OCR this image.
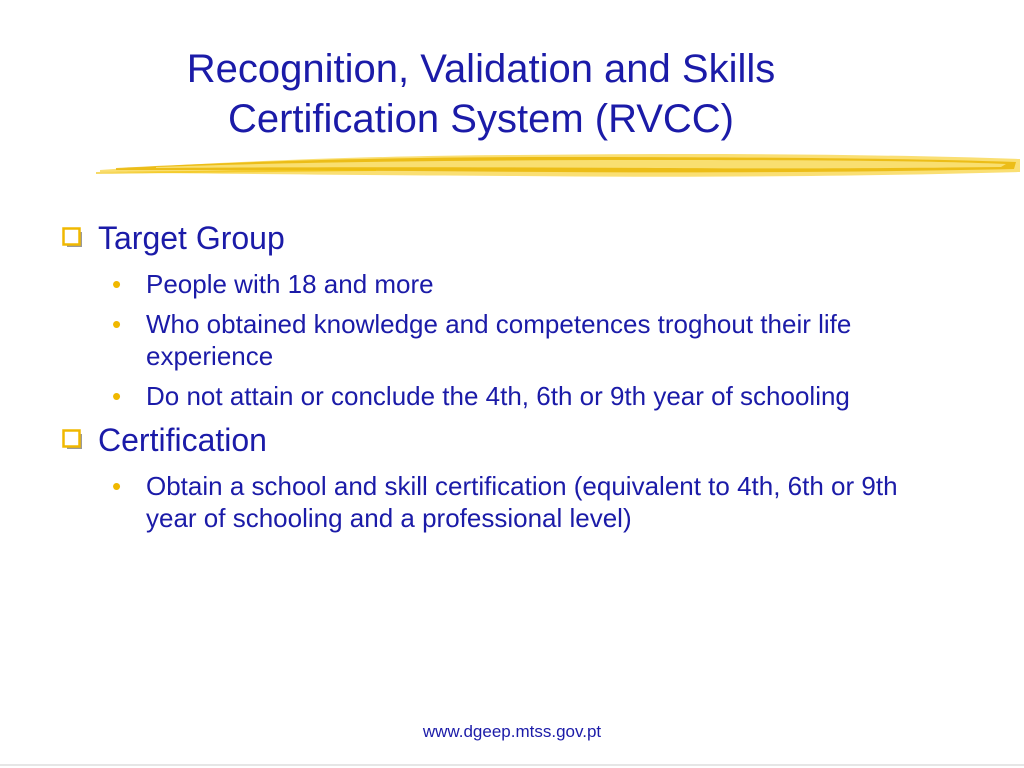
Recognition, Validation and Skills
Certification System (RVCC)
Target Group
• People with 18 and more
• Who obtained knowledge and competences troghout their life experience
• Do not attain or conclude the 4th, 6th or 9th year of schooling
Certification
• Obtain a school and skill certification (equivalent to 4th, 6th or 9th year of schooling and a professional level)
www.dgeep.mtss.gov.pt
